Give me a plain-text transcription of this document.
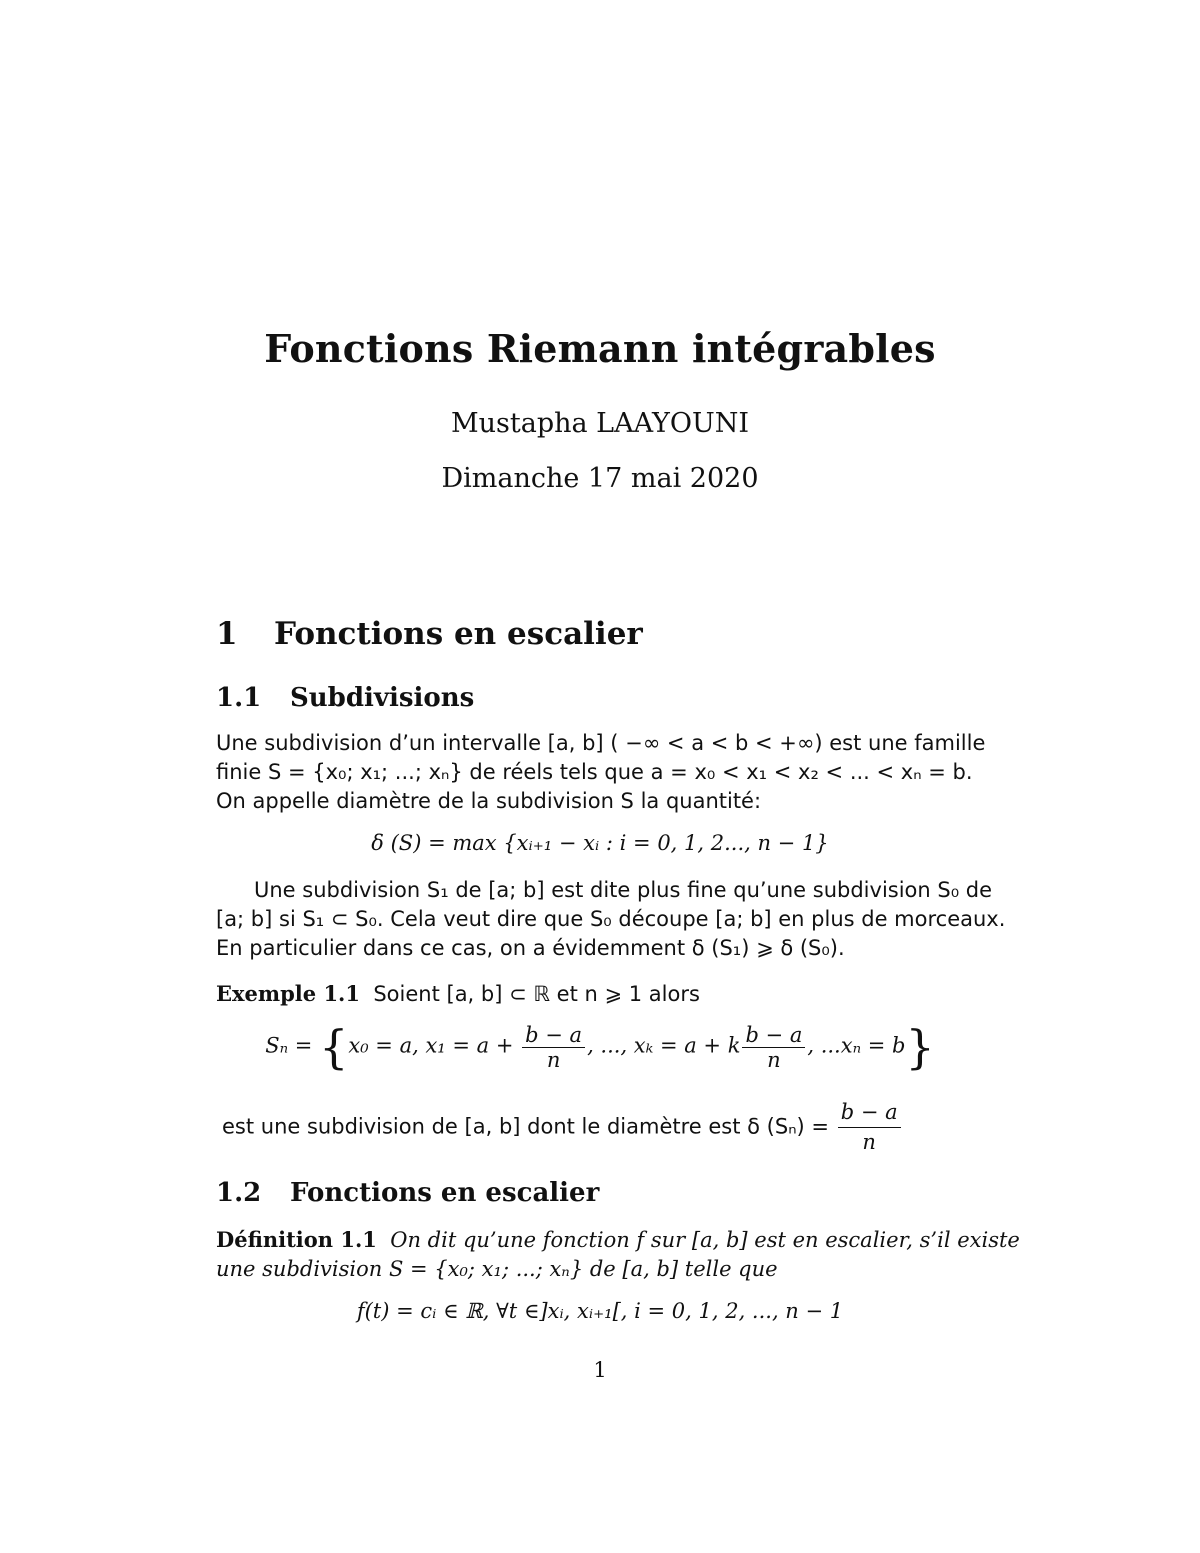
Fonctions Riemann intégrables
Mustapha LAAYOUNI
Dimanche 17 mai 2020
1 Fonctions en escalier
1.1 Subdivisions
Une subdivision d’un intervalle [a, b] ( −∞ < a < b < +∞) est une famille
finie S = {x₀; x₁; ...; xₙ} de réels tels que a = x₀ < x₁ < x₂ < ... < xₙ = b.
On appelle diamètre de la subdivision S la quantité:
δ (S) = max {xᵢ₊₁ − xᵢ : i = 0, 1, 2..., n − 1}
Une subdivision S₁ de [a; b] est dite plus fine qu’une subdivision S₀ de
[a; b] si S₁ ⊂ S₀. Cela veut dire que S₀ découpe [a; b] en plus de morceaux.
En particulier dans ce cas, on a évidemment δ (S₁) ⩾ δ (S₀).
Exemple 1.1 Soient [a, b] ⊂ ℝ et n ⩾ 1 alors
Sₙ = {x₀ = a, $x_1 = a + \frac{b - a}{n}$ , ..., xₖ = a + k $\frac{b - a}{n}$ , ...xₙ = b}
est une subdivision de [a, b] dont le diamètre est δ $(S_n) = \frac{b - a}{n}$
1.2 Fonctions en escalier
Définition 1.1 On dit qu’une fonction f sur [a, b] est en escalier, s’il existe
une subdivision S = {x₀; x₁; ...; xₙ} de [a, b] telle que
f(t) = cᵢ ∈ ℝ, ∀t ∈]xᵢ, xᵢ₊₁[, i = 0, 1, 2, ..., n − 1
1
